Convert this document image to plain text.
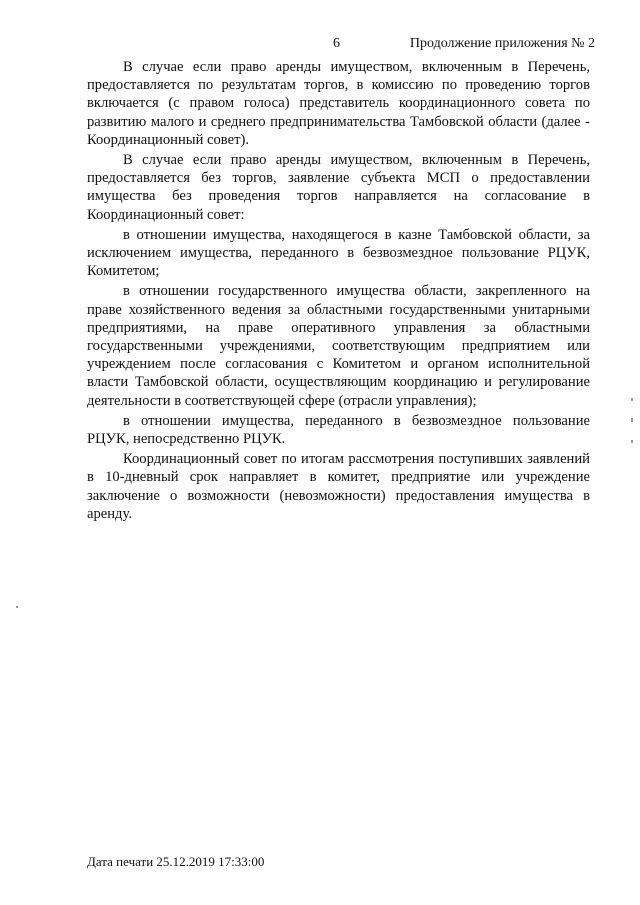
6	Продолжение приложения № 2

В случае если право аренды имуществом, включенным в Перечень, предоставляется по результатам торгов, в комиссию по проведению торгов включается (с правом голоса) представитель координационного совета по развитию малого и среднего предпринимательства Тамбовской области (далее - Координационный совет).

В случае если право аренды имуществом, включенным в Перечень, предоставляется без торгов, заявление субъекта МСП о предоставлении имущества без проведения торгов направляется на согласование в Координационный совет:

в отношении имущества, находящегося в казне Тамбовской области, за исключением имущества, переданного в безвозмездное пользование РЦУК, Комитетом;

в отношении государственного имущества области, закрепленного на праве хозяйственного ведения за областными государственными унитарными предприятиями, на праве оперативного управления за областными государственными учреждениями, соответствующим предприятием или учреждением после согласования с Комитетом и органом исполнительной власти Тамбовской области, осуществляющим координацию и регулирование деятельности в соответствующей сфере (отрасли управления);

в отношении имущества, переданного в безвозмездное пользование РЦУК, непосредственно РЦУК.

Координационный совет по итогам рассмотрения поступивших заявлений в 10-дневный срок направляет в комитет, предприятие или учреждение заключение о возможности (невозможности) предоставления имущества в аренду.

Дата печати 25.12.2019 17:33:00
